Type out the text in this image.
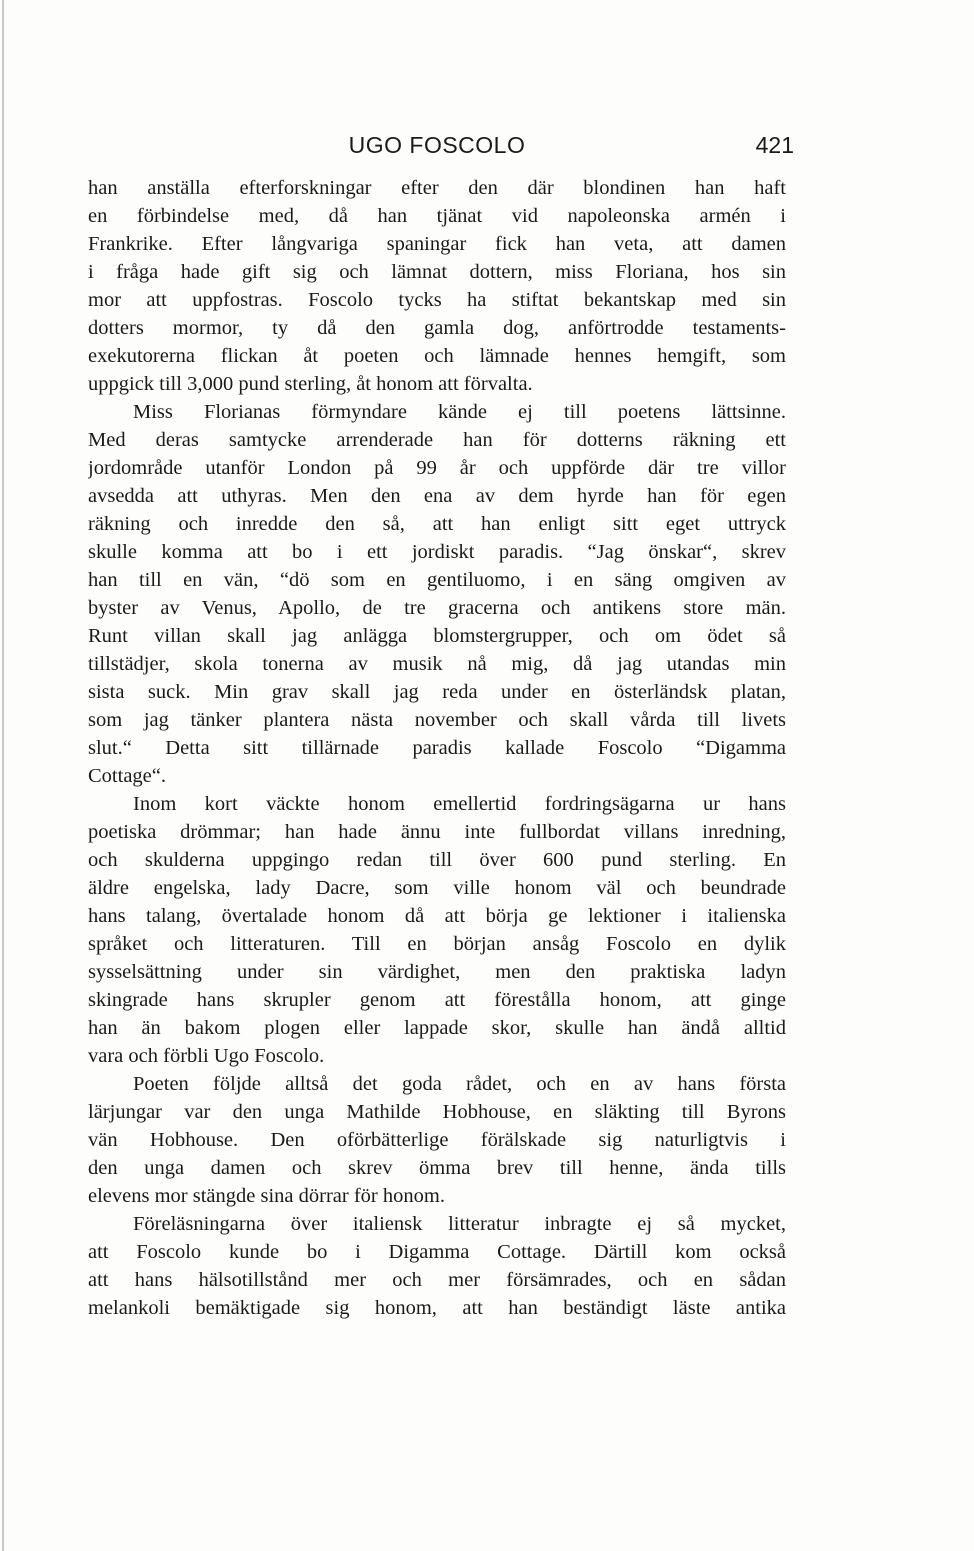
UGO FOSCOLO	421
han anställa efterforskningar efter den där blondinen han haft
en förbindelse med, då han tjänat vid napoleonska armén i
Frankrike. Efter långvariga spaningar fick han veta, att damen
i fråga hade gift sig och lämnat dottern, miss Floriana, hos sin
mor att uppfostras. Foscolo tycks ha stiftat bekantskap med sin
dotters mormor, ty då den gamla dog, anförtrodde testaments-
exekutorerna flickan åt poeten och lämnade hennes hemgift, som
uppgick till 3,000 pund sterling, åt honom att förvalta.
Miss Florianas förmyndare kände ej till poetens lättsinne.
Med deras samtycke arrenderade han för dotterns räkning ett
jordområde utanför London på 99 år och uppförde där tre villor
avsedda att uthyras. Men den ena av dem hyrde han för egen
räkning och inredde den så, att han enligt sitt eget uttryck
skulle komma att bo i ett jordiskt paradis. “Jag önskar“, skrev
han till en vän, “dö som en gentiluomo, i en säng omgiven av
byster av Venus, Apollo, de tre gracerna och antikens store män.
Runt villan skall jag anlägga blomstergrupper, och om ödet så
tillstädjer, skola tonerna av musik nå mig, då jag utandas min
sista suck. Min grav skall jag reda under en österländsk platan,
som jag tänker plantera nästa november och skall vårda till livets
slut.“ Detta sitt tillärnade paradis kallade Foscolo “Digamma
Cottage“.
Inom kort väckte honom emellertid fordringsägarna ur hans
poetiska drömmar; han hade ännu inte fullbordat villans inredning,
och skulderna uppgingo redan till över 600 pund sterling. En
äldre engelska, lady Dacre, som ville honom väl och beundrade
hans talang, övertalade honom då att börja ge lektioner i italienska
språket och litteraturen. Till en början ansåg Foscolo en dylik
sysselsättning under sin värdighet, men den praktiska ladyn
skingrade hans skrupler genom att förestålla honom, att ginge
han än bakom plogen eller lappade skor, skulle han ändå alltid
vara och förbli Ugo Foscolo.
Poeten följde alltså det goda rådet, och en av hans första
lärjungar var den unga Mathilde Hobhouse, en släkting till Byrons
vän Hobhouse. Den oförbätterlige förälskade sig naturligtvis i
den unga damen och skrev ömma brev till henne, ända tills
elevens mor stängde sina dörrar för honom.
Föreläsningarna över italiensk litteratur inbragte ej så mycket,
att Foscolo kunde bo i Digamma Cottage. Därtill kom också
att hans hälsotillstånd mer och mer försämrades, och en sådan
melankoli bemäktigade sig honom, att han beständigt läste antika
